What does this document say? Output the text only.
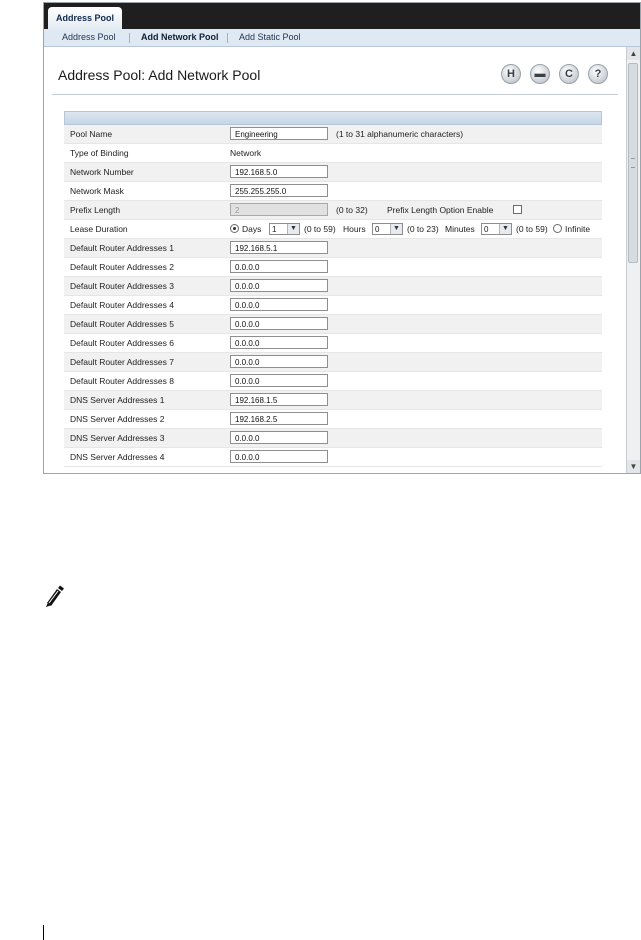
Address Pool
Address Pool	Add Network Pool Add Static Pool
Address Pool: Add Network Pool	H	▬	C	?
Pool Name	Engineering	(1 to 31 alphanumeric characters)
Type of Binding	Network
Network Number	192.168.5.0
Network Mask	255.255.255.0
Prefix Length	2	(0 to 32) Prefix Length Option Enable
Lease Duration	Days 1	▼ (0 to 59) Hours 0	▼ (0 to 23) Minutes 0	▼ (0 to 59) Infinite
Default Router Addresses 1	192.168.5.1
Default Router Addresses 2	0.0.0.0
Default Router Addresses 3	0.0.0.0
Default Router Addresses 4	0.0.0.0
Default Router Addresses 5	0.0.0.0
Default Router Addresses 6	0.0.0.0
Default Router Addresses 7	0.0.0.0
Default Router Addresses 8	0.0.0.0
DNS Server Addresses 1	192.168.1.5
DNS Server Addresses 2	192.168.2.5
DNS Server Addresses 3	0.0.0.0
DNS Server Addresses 4	0.0.0.0
▲
▼
